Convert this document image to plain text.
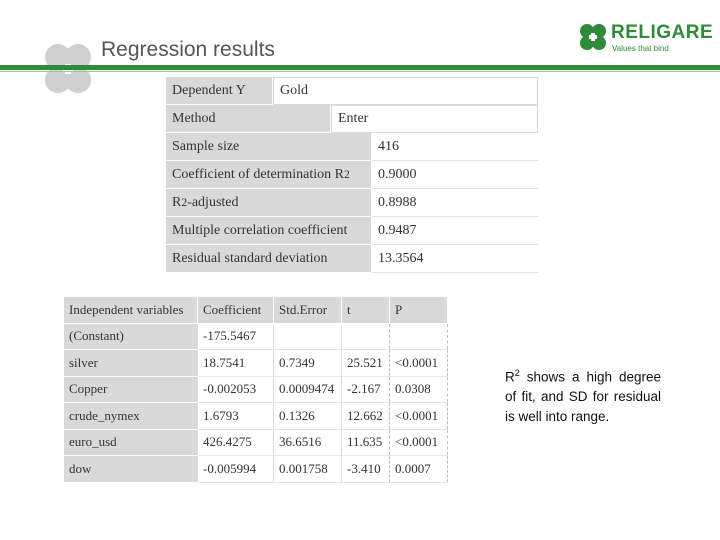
Regression results
RELIGARE
Values that bind
Dependent Y	Gold
Method	Enter
Sample size	416
Coefficient of determination R 2	0.9000
R 2 -adjusted	0.8988
Multiple correlation coefficient	0.9487
Residual standard deviation	13.3564
Independent variables	Coefficient	Std.Error	t	P
(Constant)	-175.5467			
silver	18.7541	0.7349	25.521	<0.0001
Copper	-0.002053	0.0009474	-2.167	0.0308
crude_nymex	1.6793	0.1326	12.662	<0.0001
euro_usd	426.4275	36.6516	11.635	<0.0001
dow	-0.005994	0.001758	-3.410	0.0007
$R^2$ shows a high degree of fit, and SD for residual is well into range.
